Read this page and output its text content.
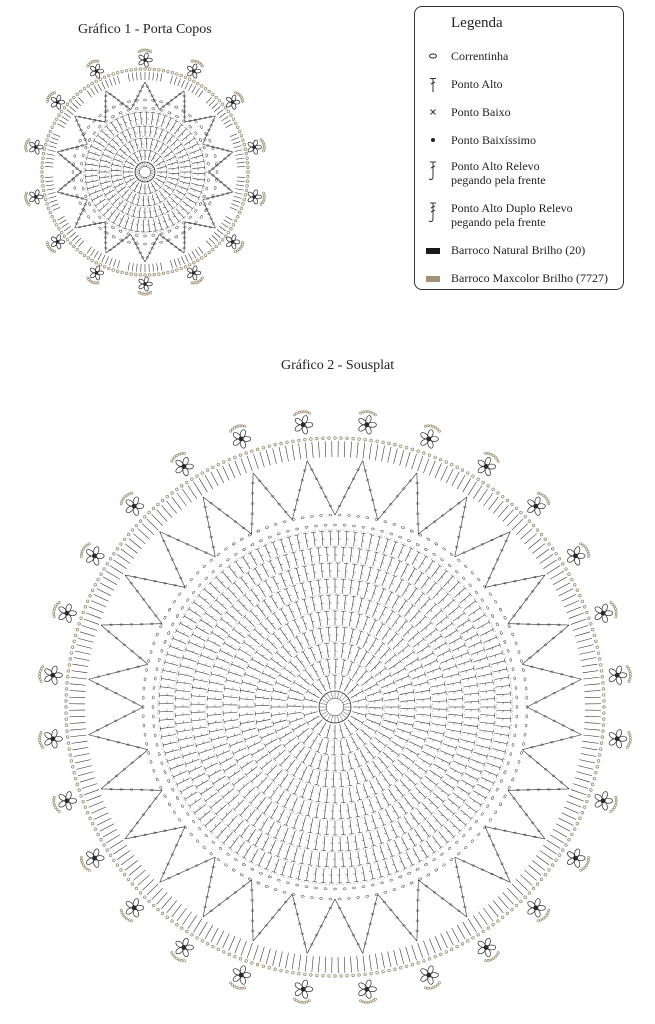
Gráfico 1 - Porta Copos	Legenda
Correntinha
Ponto Alto
Ponto Baixo
Ponto Baixíssimo
Ponto Alto Relevo
pegando pela frente
Ponto Alto Duplo Relevo
pegando pela frente
Barroco Natural Brilho (20)
Barroco Maxcolor Brilho (7727)
Gráfico 2 - Sousplat
